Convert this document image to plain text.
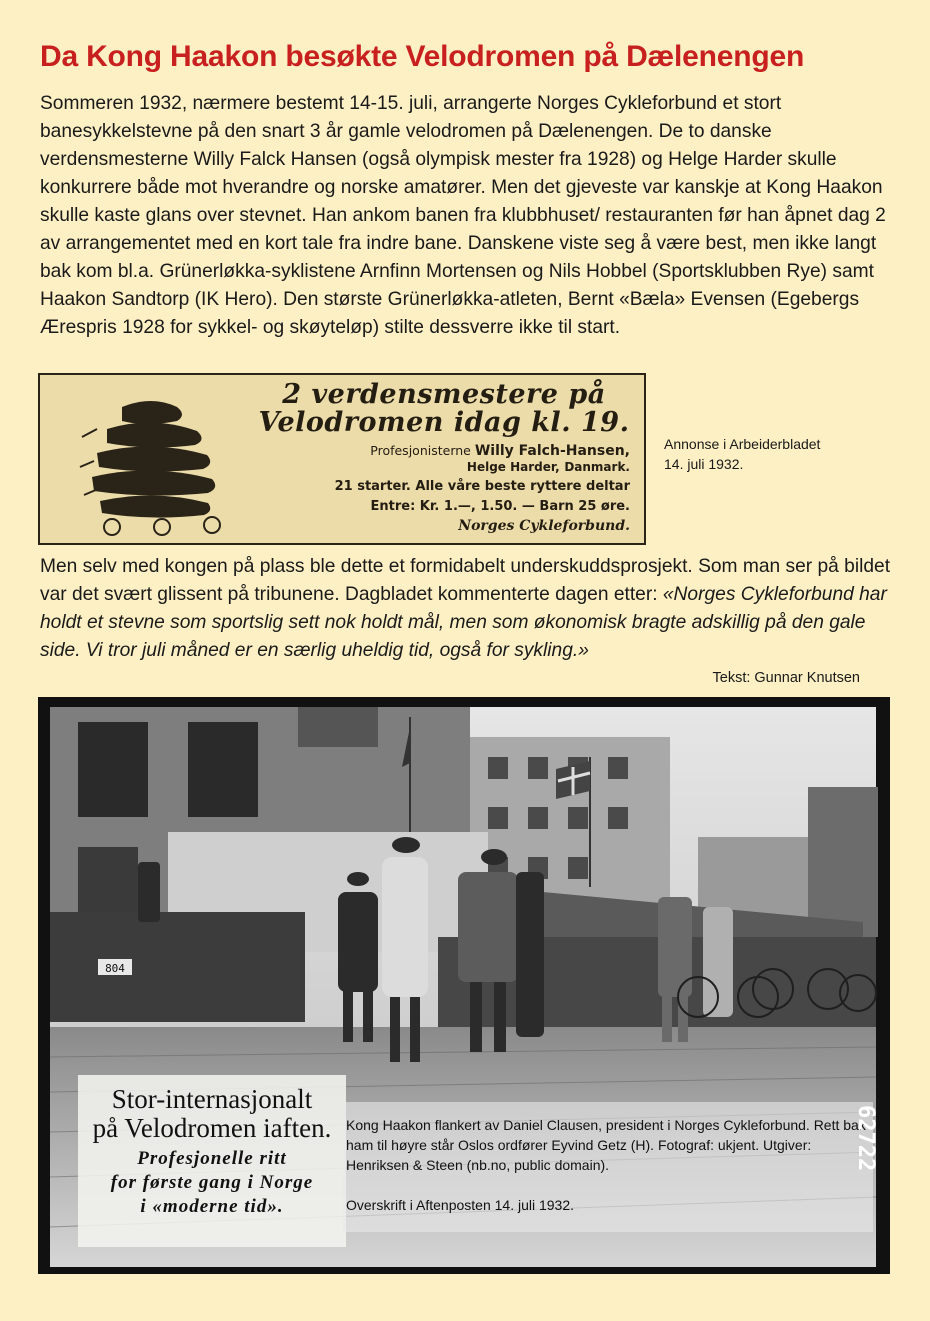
Da Kong Haakon besøkte Velodromen på Dælenengen

Sommeren 1932, nærmere bestemt 14-15. juli, arrangerte Norges Cykleforbund et stort banesykkelstevne på den snart 3 år gamle velodromen på Dælenengen. De to danske verdensmesterne Willy Falck Hansen (også olympisk mester fra 1928) og Helge Harder skulle konkurrere både mot hverandre og norske amatører. Men det gjeveste var kanskje at Kong Haakon skulle kaste glans over stevnet. Han ankom banen fra klubbhuset/ restauranten før han åpnet dag 2 av arrangementet med en kort tale fra indre bane. Danskene viste seg å være best, men ikke langt bak kom bl.a. Grünerløkka-syklistene Arnfinn Mortensen og Nils Hobbel (Sportsklubben Rye) samt Haakon Sandtorp (IK Hero). Den største Grünerløkka-atleten, Bernt «Bæla» Evensen (Egebergs Ærespris 1928 for sykkel- og skøyteløp) stilte dessverre ikke til start.

2 verdensmestere på
Velodromen idag kl. 19.
Profesjonisterne Willy Falch-Hansen,
Helge Harder, Danmark.
21 starter. Alle våre beste ryttere deltar
Entre: Kr. 1.—, 1.50. — Barn 25 øre.
Norges Cykleforbund.
Annonse i Arbeiderbladet
14. juli 1932.

Men selv med kongen på plass ble dette et formidabelt underskuddsprosjekt. Som man ser på bildet var det svært glissent på tribunene. Dagbladet kommenterte dagen etter: «Norges Cykleforbund har holdt et stevne som sportslig sett nok holdt mål, men som økonomisk bragte adskillig på den gale side. Vi tror juli måned er en særlig uheldig tid, også for sykling.»

Tekst: Gunnar Knutsen
804
Stor-internasjonalt
på Velodromen iaften.
Profesjonelle ritt
for første gang i Norge
i «moderne tid».

Kong Haakon flankert av Daniel Clausen, president i Norges Cykleforbund. Rett bak ham til høyre står Oslos ordfører Eyvind Getz (H). Fotograf: ukjent. Utgiver: Henriksen & Steen (nb.no, public domain).

Overskrift i Aftenposten 14. juli 1932.

62722
